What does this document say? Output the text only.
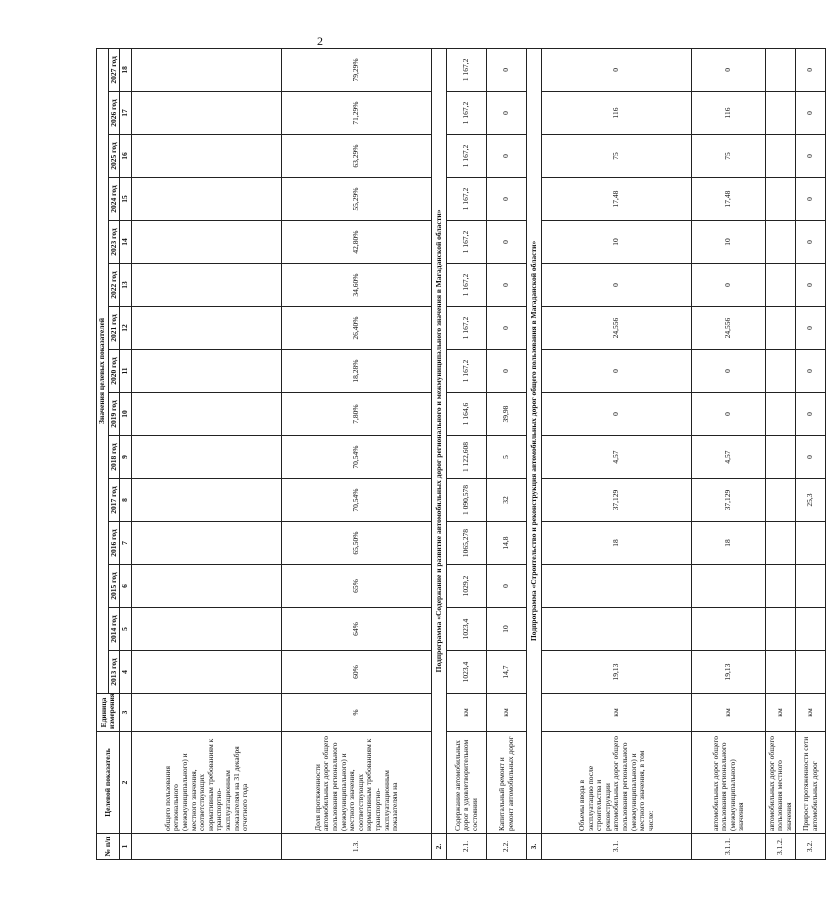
2
№ п/п	Целевой показатель	Единица измерения	Значения целевых показателей														
			2013 год	2014 год	2015 год	2016 год	2017 год	2018 год	2019 год	2020 год	2021 год	2022 год	2023 год	2024 год	2025 год	2026 год	2027 год
1	2	3	4	5	6	7	8	9	10	11	12	13	14	15	16	17	18
	общего пользования регионального (межмуниципального) и местного значения, соответствующих нормативным требованиям к транспортно-эксплуатационным показателям на 31 декабря отчетного года																
1.3.	Доля протяженности автомобильных дорог общего пользования регионального (межмуниципального) и местного значения, соответствующих нормативным требованиям к транспортно-эксплуатационным показателям на	%	60%	64%	65%	65,50%	70,54%	70,54%	7,80%	18,28%	26,40%	34,60%	42,80%	55,29%	63,29%	71,29%	79,29%
2.	Подпрограмма «Содержание и развитие автомобильных дорог регионального и межмуниципального значения в Магаданской области»																
2.1.	Содержание автомобильных дорог в удовлетворительном состоянии	км	1023,4	1023,4	1029,2	1065,278	1 090,578	1 122,608	1 164,6	1 167,2	1 167,2	1 167,2	1 167,2	1 167,2	1 167,2	1 167,2	1 167,2
2.2.	Капитальный ремонт и ремонт автомобильных дорог	км	14,7	10	0	14,8	32	5	39,98	0	0	0	0	0	0	0	0
3.	Подпрограмма «Строительство и реконструкция автомобильных дорог общего пользования в Магаданской области»																
3.1.	Объемы ввода в эксплуатацию после строительства и реконструкции автомобильных дорог общего пользования регионального (межмуниципального) и местного значения, в том числе:	км	19,13			18	37,129	4,57	0	0	24,556	0	10	17,48	75	116	0
3.1.1.	автомобильных дорог общего пользования регионального (межмуниципального) значения	км	19,13			18	37,129	4,57	0	0	24,556	0	10	17,48	75	116	0
3.1.2.	автомобильных дорог общего пользования местного значения	км															
3.2.	Прирост протяженности сети автомобильных дорог	км					25,3	0	0	0	0	0	0	0	0	0	0
